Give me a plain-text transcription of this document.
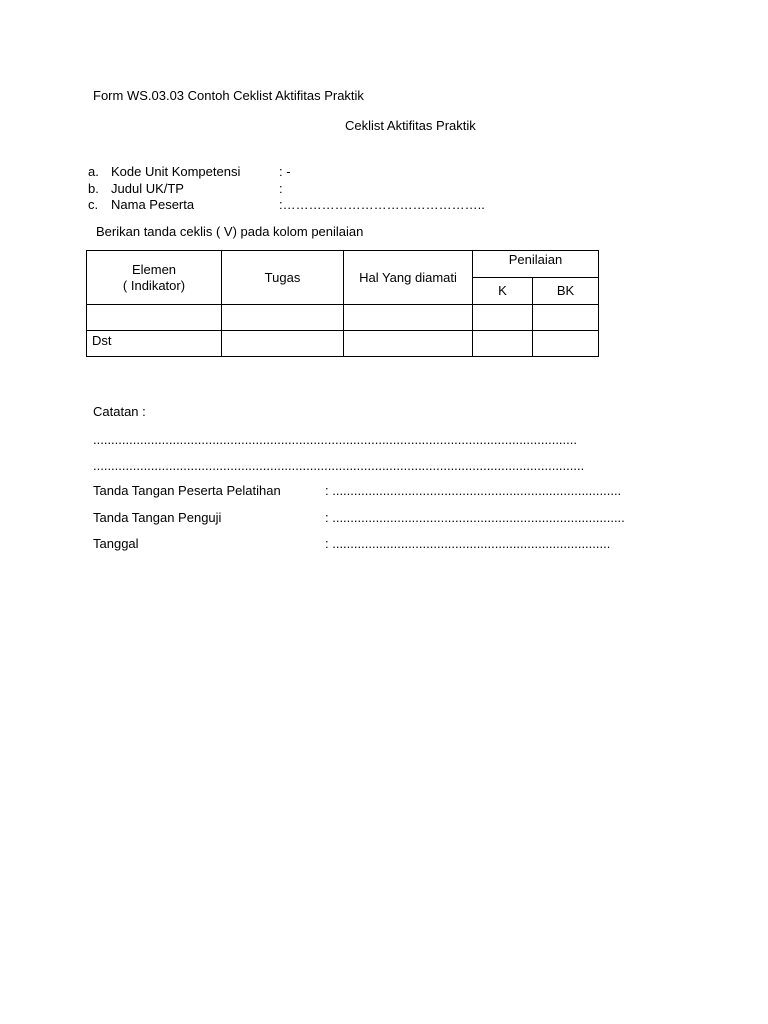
Form WS.03.03 Contoh Ceklist Aktifitas Praktik
Ceklist Aktifitas Praktik
a. Kode Unit Kompetensi	: -
b. Judul UK/TP	:
c. Nama Peserta	:………………………………………..
Berikan tanda ceklis ( V) pada kolom penilaian
Elemen
( Indikator)	Tugas	Hal Yang diamati	Penilaian	
			K	BK

Dst				
Catatan :
......................................................................................................................................
........................................................................................................................................
Tanda Tangan Peserta Pelatihan	: ................................................................................
Tanda Tangan Penguji	: .................................................................................
Tanggal	: .............................................................................
